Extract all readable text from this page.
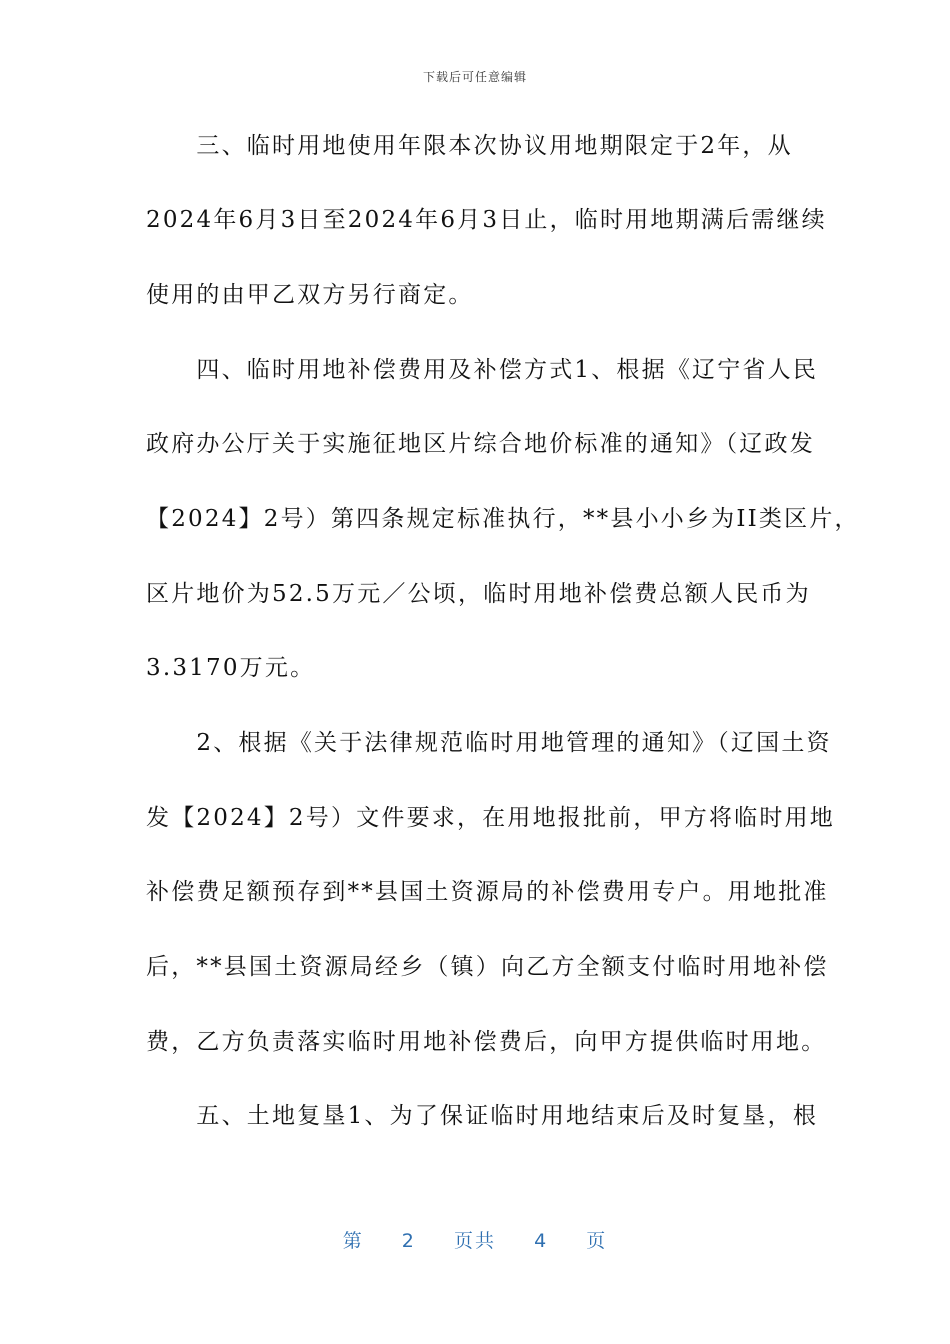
下载后可任意编辑
　　三、临时用地使用年限本次协议用地期限定于2年，从
2024年6月3日至2024年6月3日止，临时用地期满后需继续
使用的由甲乙双方另行商定。
　　四、临时用地补偿费用及补偿方式1、根据《辽宁省人民
政府办公厅关于实施征地区片综合地价标准的通知》（辽政发
【2024】2号）第四条规定标准执行，**县小小乡为II类区片，
区片地价为52.5万元／公顷，临时用地补偿费总额人民币为
3.3170万元。
　　2、根据《关于法律规范临时用地管理的通知》（辽国土资
发【2024】2号）文件要求，在用地报批前，甲方将临时用地
补偿费足额预存到**县国土资源局的补偿费用专户。用地批准
后，**县国土资源局经乡（镇）向乙方全额支付临时用地补偿
费，乙方负责落实临时用地补偿费后，向甲方提供临时用地。
　　五、土地复垦1、为了保证临时用地结束后及时复垦，根
第 2 页共 4 页
